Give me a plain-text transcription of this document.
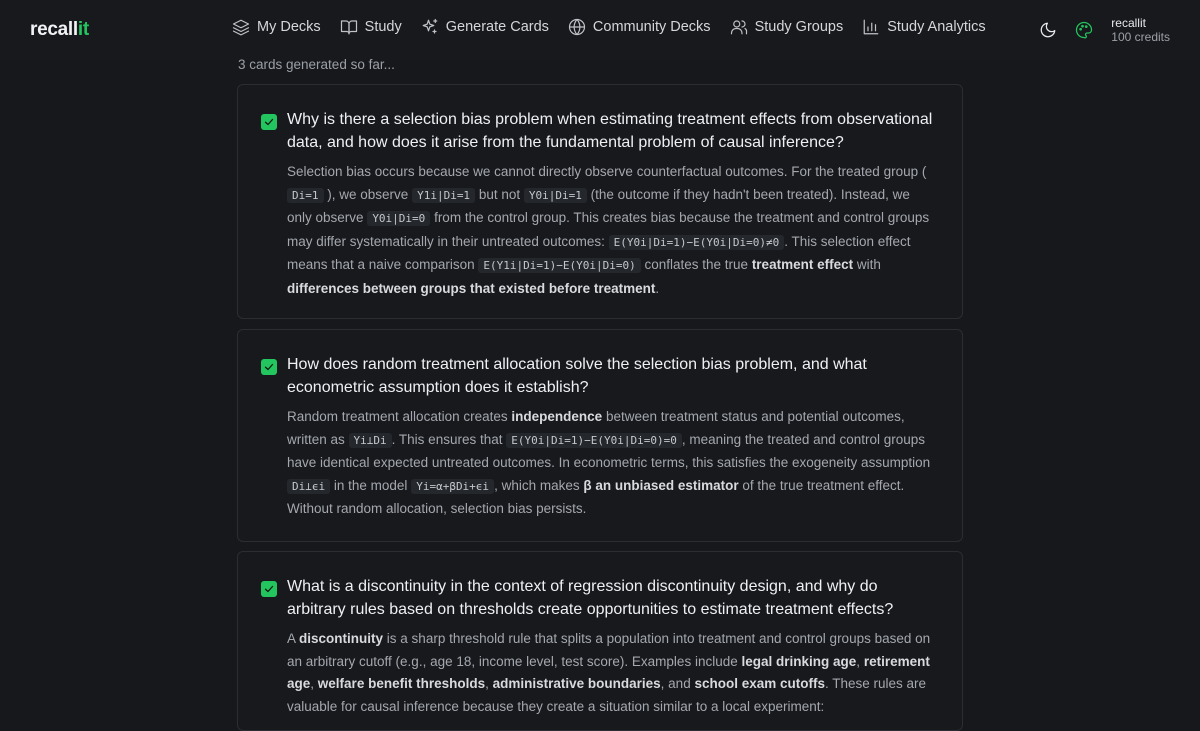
recallit	My Decks	Study	Generate Cards	Community Decks	Study Groups	Study Analytics	recallit
100 credits
3 cards generated so far...
Why is there a selection bias problem when estimating treatment effects from observational data, and how does it arise from the fundamental problem of causal inference?
Selection bias occurs because we cannot directly observe counterfactual outcomes. For the treated group ( Di=1 ), we observe Y1i|Di=1 but not Y0i|Di=1 (the outcome if they hadn't been treated). Instead, we only observe Y0i|Di=0 from the control group. This creates bias because the treatment and control groups may differ systematically in their untreated outcomes: E(Y0i|Di=1)−E(Y0i|Di=0)≠0 . This selection effect means that a naive comparison E(Y1i|Di=1)−E(Y0i|Di=0) conflates the true treatment effect with differences between groups that existed before treatment.
How does random treatment allocation solve the selection bias problem, and what econometric assumption does it establish?
Random treatment allocation creates independence between treatment status and potential outcomes, written as Yi⊥Di . This ensures that E(Y0i|Di=1)−E(Y0i|Di=0)=0 , meaning the treated and control groups have identical expected untreated outcomes. In econometric terms, this satisfies the exogeneity assumption Di⊥ϵi in the model Yi=α+βDi+ϵi , which makes β an unbiased estimator of the true treatment effect. Without random allocation, selection bias persists.
What is a discontinuity in the context of regression discontinuity design, and why do arbitrary rules based on thresholds create opportunities to estimate treatment effects?
A discontinuity is a sharp threshold rule that splits a population into treatment and control groups based on an arbitrary cutoff (e.g., age 18, income level, test score). Examples include legal drinking age, retirement age, welfare benefit thresholds, administrative boundaries, and school exam cutoffs. These rules are valuable for causal inference because they create a situation similar to a local experiment:
